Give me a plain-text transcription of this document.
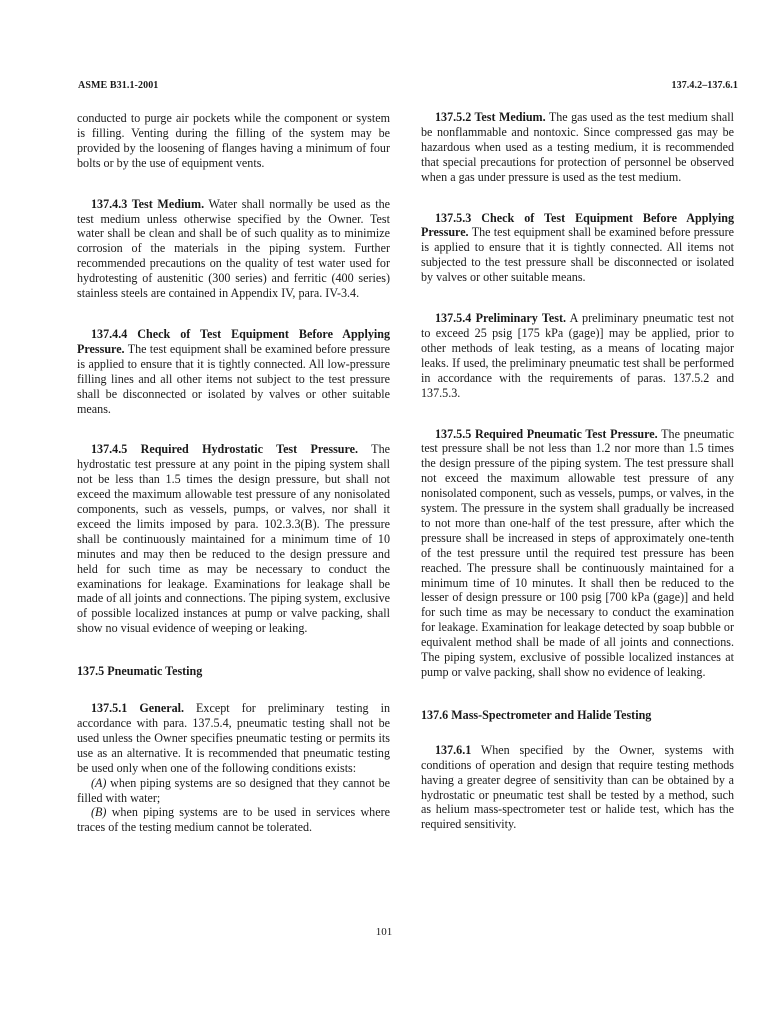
ASME B31.1-2001	137.4.2–137.6.1

conducted to purge air pockets while the component or system is filling. Venting during the filling of the system may be provided by the loosening of flanges having a minimum of four bolts or by the use of equipment vents.

137.4.3 Test Medium. Water shall normally be used as the test medium unless otherwise specified by the Owner. Test water shall be clean and shall be of such quality as to minimize corrosion of the materials in the piping system. Further recommended precautions on the quality of test water used for hydrotesting of austenitic (300 series) and ferritic (400 series) stainless steels are contained in Appendix IV, para. IV-3.4.

137.4.4 Check of Test Equipment Before Applying Pressure. The test equipment shall be examined before pressure is applied to ensure that it is tightly connected. All low-pressure filling lines and all other items not subject to the test pressure shall be disconnected or isolated by valves or other suitable means.

137.4.5 Required Hydrostatic Test Pressure. The hydrostatic test pressure at any point in the piping system shall not be less than 1.5 times the design pressure, but shall not exceed the maximum allowable test pressure of any nonisolated components, such as vessels, pumps, or valves, nor shall it exceed the limits imposed by para. 102.3.3(B). The pressure shall be continuously maintained for a minimum time of 10 minutes and may then be reduced to the design pressure and held for such time as may be necessary to conduct the examinations for leakage. Examinations for leakage shall be made of all joints and connections. The piping system, exclusive of possible localized instances at pump or valve packing, shall show no visual evidence of weeping or leaking.

137.5 Pneumatic Testing

137.5.1 General. Except for preliminary testing in accordance with para. 137.5.4, pneumatic testing shall not be used unless the Owner specifies pneumatic testing or permits its use as an alternative. It is recommended that pneumatic testing be used only when one of the following conditions exists:

(A) when piping systems are so designed that they cannot be filled with water;

(B) when piping systems are to be used in services where traces of the testing medium cannot be tolerated.

137.5.2 Test Medium. The gas used as the test medium shall be nonflammable and nontoxic. Since compressed gas may be hazardous when used as a testing medium, it is recommended that special precautions for protection of personnel be observed when a gas under pressure is used as the test medium.

137.5.3 Check of Test Equipment Before Applying Pressure. The test equipment shall be examined before pressure is applied to ensure that it is tightly connected. All items not subjected to the test pressure shall be disconnected or isolated by valves or other suitable means.

137.5.4 Preliminary Test. A preliminary pneumatic test not to exceed 25 psig [175 kPa (gage)] may be applied, prior to other methods of leak testing, as a means of locating major leaks. If used, the preliminary pneumatic test shall be performed in accordance with the requirements of paras. 137.5.2 and 137.5.3.

137.5.5 Required Pneumatic Test Pressure. The pneumatic test pressure shall be not less than 1.2 nor more than 1.5 times the design pressure of the piping system. The test pressure shall not exceed the maximum allowable test pressure of any nonisolated component, such as vessels, pumps, or valves, in the system. The pressure in the system shall gradually be increased to not more than one-half of the test pressure, after which the pressure shall be increased in steps of approximately one-tenth of the test pressure until the required test pressure has been reached. The pressure shall be continuously maintained for a minimum time of 10 minutes. It shall then be reduced to the lesser of design pressure or 100 psig [700 kPa (gage)] and held for such time as may be necessary to conduct the examination for leakage. Examination for leakage detected by soap bubble or equivalent method shall be made of all joints and connections. The piping system, exclusive of possible localized instances at pump or valve packing, shall show no evidence of leaking.

137.6 Mass-Spectrometer and Halide Testing

137.6.1 When specified by the Owner, systems with conditions of operation and design that require testing methods having a greater degree of sensitivity than can be obtained by a hydrostatic or pneumatic test shall be tested by a method, such as helium mass-spectrometer test or halide test, which has the required sensitivity.

101
